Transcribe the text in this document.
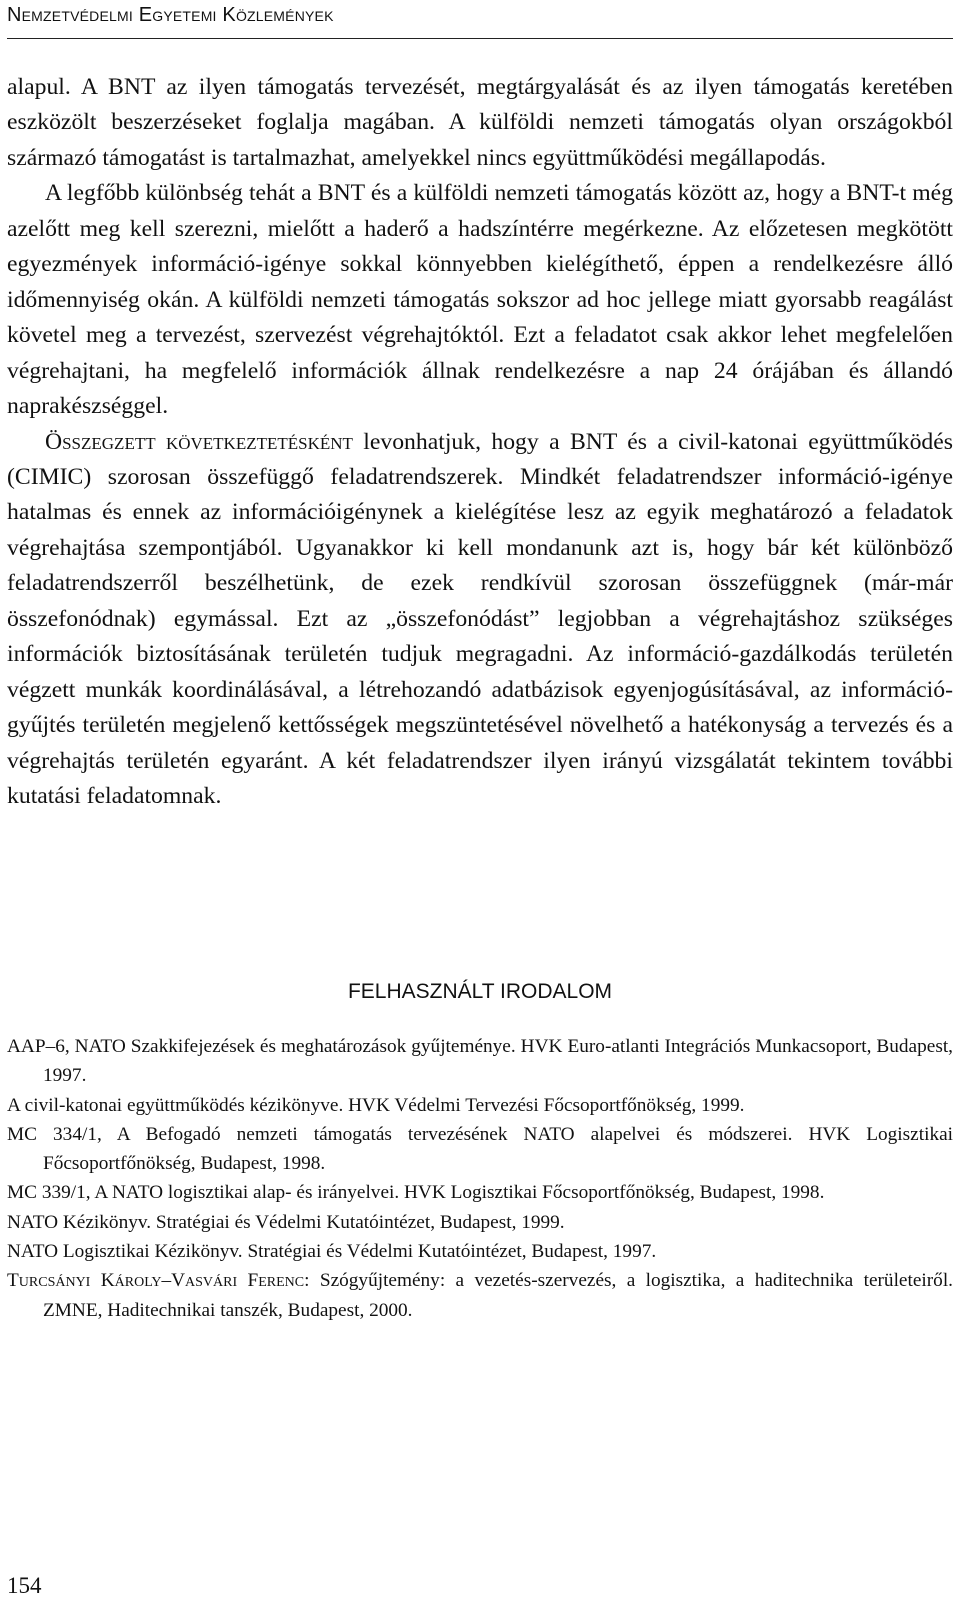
Nemzetvédelmi Egyetemi Közlemények

alapul. A BNT az ilyen támogatás tervezését, megtárgyalását és az ilyen támogatás keretében eszközölt beszerzéseket foglalja magában. A külföldi nemzeti támogatás olyan országokból származó támogatást is tartalmazhat, amelyekkel nincs együttműködési megállapodás.

A legfőbb különbség tehát a BNT és a külföldi nemzeti támogatás között az, hogy a BNT-t még azelőtt meg kell szerezni, mielőtt a haderő a hadszíntérre megérkezne. Az előzetesen megkötött egyezmények információ-igénye sokkal könnyebben kielégíthető, éppen a rendelkezésre álló időmennyiség okán. A külföldi nemzeti támogatás sokszor ad hoc jellege miatt gyorsabb reagálást követel meg a tervezést, szervezést végrehajtóktól. Ezt a feladatot csak akkor lehet megfelelően végrehajtani, ha megfelelő információk állnak rendelkezésre a nap 24 órájában és állandó naprakészséggel.

Összegzett következtetésként levonhatjuk, hogy a BNT és a civil-katonai együttműködés (CIMIC) szorosan összefüggő feladatrendszerek. Mindkét feladatrendszer információ-igénye hatalmas és ennek az információigénynek a kielégítése lesz az egyik meghatározó a feladatok végrehajtása szempontjából. Ugyanakkor ki kell mondanunk azt is, hogy bár két különböző feladatrendszerről beszélhetünk, de ezek rendkívül szorosan összefüggnek (már-már összefonódnak) egymással. Ezt az „összefonódást” legjobban a végrehajtáshoz szükséges információk biztosításának területén tudjuk megragadni. Az információ-gazdálkodás területén végzett munkák koordinálásával, a létrehozandó adatbázisok egyenjogúsításával, az információ-gyűjtés területén megjelenő kettősségek megszüntetésével növelhető a hatékonyság a tervezés és a végrehajtás területén egyaránt. A két feladatrendszer ilyen irányú vizsgálatát tekintem további kutatási feladatomnak.

FELHASZNÁLT IRODALOM
AAP–6, NATO Szakkifejezések és meghatározások gyűjteménye. HVK Euro-atlanti Integrációs Munkacsoport, Budapest, 1997.
A civil-katonai együttműködés kézikönyve. HVK Védelmi Tervezési Főcsoportfőnökség, 1999.
MC 334/1, A Befogadó nemzeti támogatás tervezésének NATO alapelvei és módszerei. HVK Logisztikai Főcsoportfőnökség, Budapest, 1998.
MC 339/1, A NATO logisztikai alap- és irányelvei. HVK Logisztikai Főcsoportfőnökség, Budapest, 1998.
NATO Kézikönyv. Stratégiai és Védelmi Kutatóintézet, Budapest, 1999.
NATO Logisztikai Kézikönyv. Stratégiai és Védelmi Kutatóintézet, Budapest, 1997.
Turcsányi Károly–Vasvári Ferenc: Szógyűjtemény: a vezetés-szervezés, a logisztika, a haditechnika területeiről. ZMNE, Haditechnikai tanszék, Budapest, 2000.

154
